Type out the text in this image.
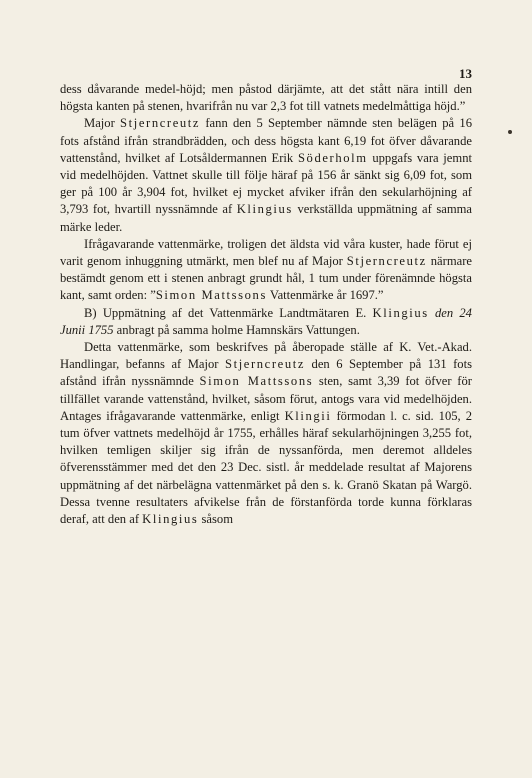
13

dess dåvarande medel-höjd; men påstod därjämte, att det stått nära intill den högsta kanten på stenen, hvarifrån nu var 2,3 fot till vatnets medelmåttiga höjd.”

Major Stjerncreutz fann den 5 September nämnde sten belägen på 16 fots afstånd ifrån strandbrädden, och dess högsta kant 6,19 fot öfver dåvarande vattenstånd, hvilket af Lotsåldermannen Erik Söderholm uppgafs vara jemnt vid medelhöjden. Vattnet skulle till följe häraf på 156 år sänkt sig 6,09 fot, som ger på 100 år 3,904 fot, hvilket ej mycket afviker ifrån den sekularhöjning af 3,793 fot, hvartill nyssnämnde af Klingius verkställda uppmätning af samma märke leder.

Ifrågavarande vattenmärke, troligen det äldsta vid våra kuster, hade förut ej varit genom inhuggning utmärkt, men blef nu af Major Stjerncreutz närmare bestämdt genom ett i stenen anbragt grundt hål, 1 tum under förenämnde högsta kant, samt orden: ”Simon Mattssons Vattenmärke år 1697.”

B) Uppmätning af det Vattenmärke Landtmätaren E. Klingius den 24 Junii 1755 anbragt på samma holme Hamnskärs Vattungen.

Detta vattenmärke, som beskrifves på åberopade ställe af K. Vet.-Akad. Handlingar, befanns af Major Stjerncreutz den 6 September på 131 fots afstånd ifrån nyssnämnde Simon Mattssons sten, samt 3,39 fot öfver för tillfället varande vattenstånd, hvilket, såsom förut, antogs vara vid medelhöjden. Antages ifrågavarande vattenmärke, enligt Klingii förmodan l. c. sid. 105, 2 tum öfver vattnets medelhöjd år 1755, erhålles häraf sekularhöjningen 3,255 fot, hvilken temligen skiljer sig ifrån de nyssanförda, men deremot alldeles öfverensstämmer med det den 23 Dec. sistl. år meddelade resultat af Majorens uppmätning af det närbelägna vattenmärket på den s. k. Granö Skatan på Wargö. Dessa tvenne resultaters afvikelse från de förstanförda torde kunna förklaras deraf, att den af Klingius såsom
